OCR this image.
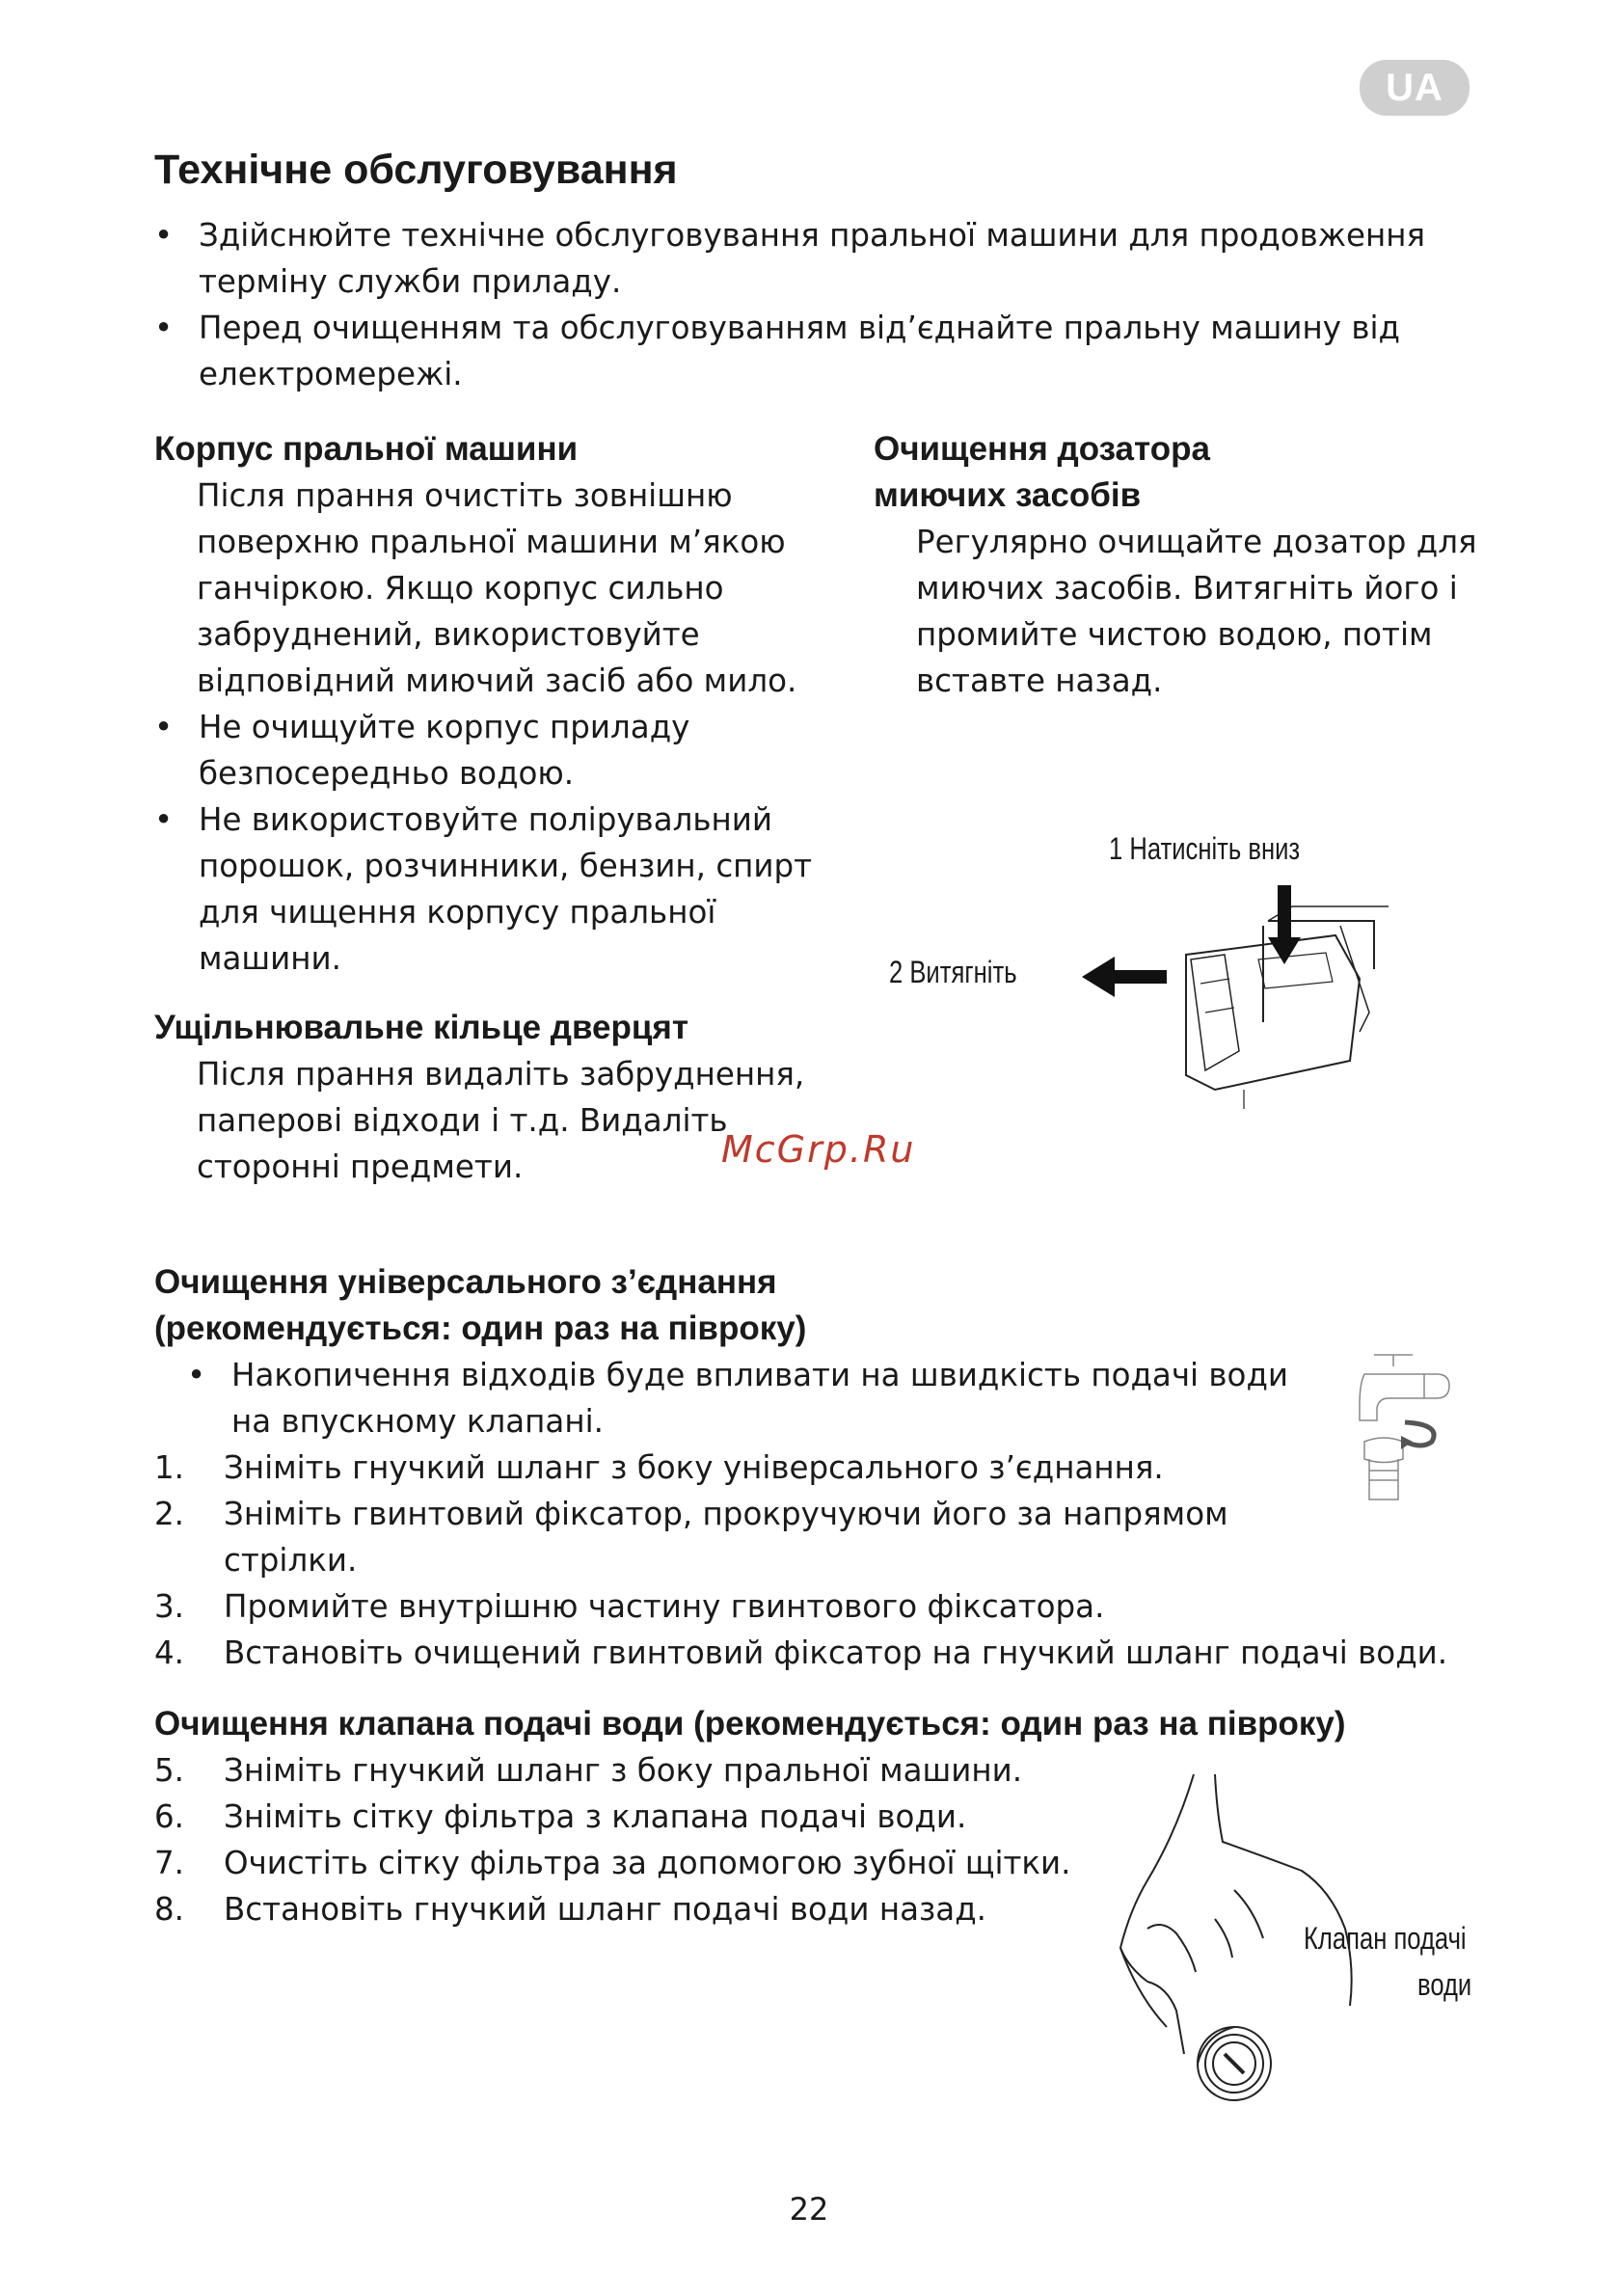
UA
Технічне обслуговування
• Здійснюйте технічне обслуговування пральної машини для продовження терміну служби приладу.
• Перед очищенням та обслуговуванням від’єднайте пральну машину від електромережі.
Корпус пральної машини
Після прання очистіть зовнішню поверхню пральної машини м’якою ганчіркою. Якщо корпус сильно забруднений, використовуйте відповідний миючий засіб або мило.
• Не очищуйте корпус приладу безпосередньо водою.
• Не використовуйте полірувальний порошок, розчинники, бензин, спирт для чищення корпусу пральної машини.
Ущільнювальне кільце дверцят
Після прання видаліть забруднення, паперові відходи і т.д. Видаліть сторонні предмети.
Очищення дозатора миючих засобів
Регулярно очищайте дозатор для миючих засобів. Витягніть його і промийте чистою водою, потім вставте назад.
1 Натисніть вниз
2 Витягніть
McGrp.Ru
Очищення універсального з’єднання
(рекомендується: один раз на півроку)
• Накопичення відходів буде впливати на швидкість подачі води на впускному клапані.
1. Зніміть гнучкий шланг з боку універсального з’єднання.
2. Зніміть гвинтовий фіксатор, прокручуючи його за напрямом стрілки.
3. Промийте внутрішню частину гвинтового фіксатора.
4. Встановіть очищений гвинтовий фіксатор на гнучкий шланг подачі води.
Очищення клапана подачі води (рекомендується: один раз на півроку)
5. Зніміть гнучкий шланг з боку пральної машини.
6. Зніміть сітку фільтра з клапана подачі води.
7. Очистіть сітку фільтра за допомогою зубної щітки.
8. Встановіть гнучкий шланг подачі води назад.
Клапан подачі
води
22
